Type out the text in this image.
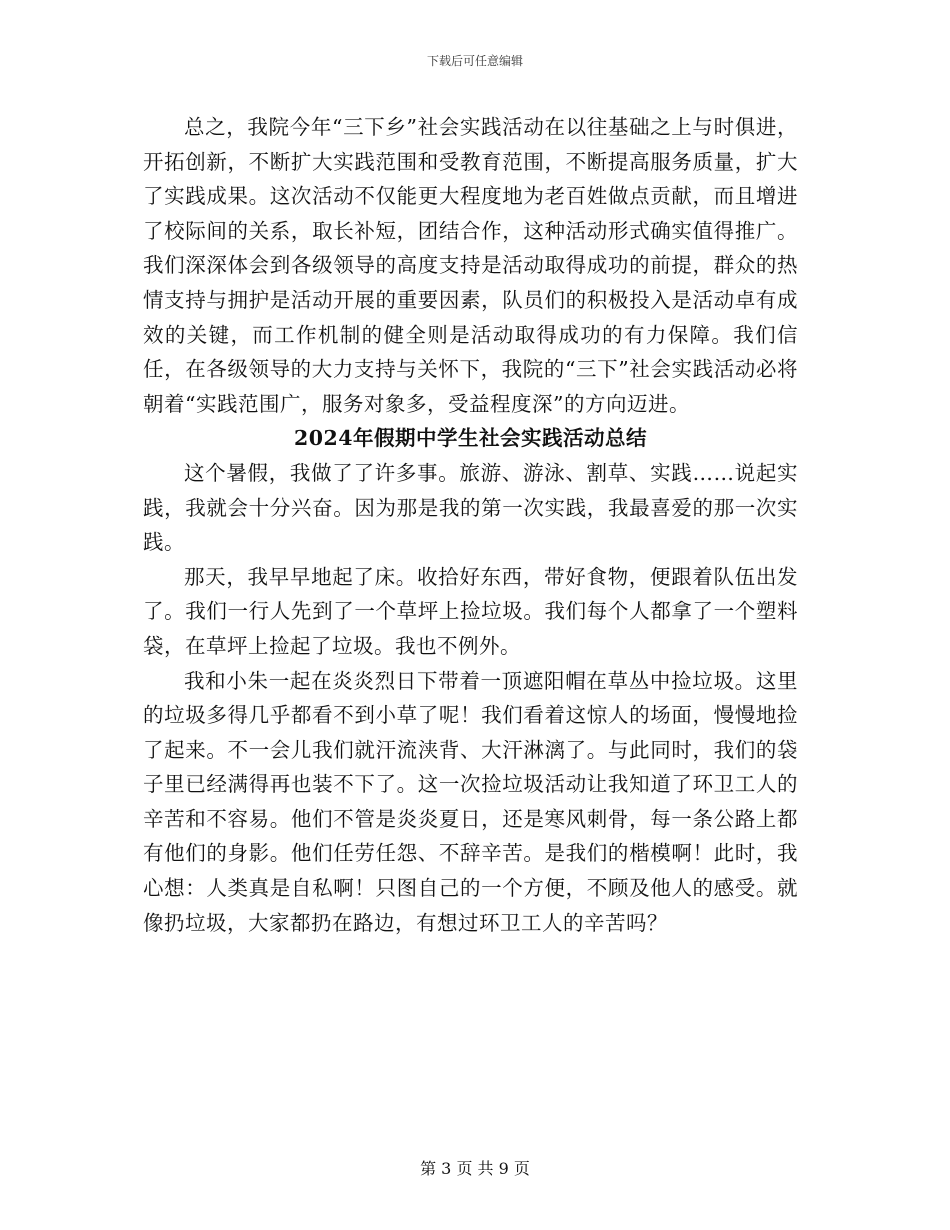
下载后可任意编辑

总之，我院今年“三下乡”社会实践活动在以往基础之上与时俱进，开拓创新，不断扩大实践范围和受教育范围，不断提高服务质量，扩大了实践成果。这次活动不仅能更大程度地为老百姓做点贡献，而且增进了校际间的关系，取长补短，团结合作，这种活动形式确实值得推广。我们深深体会到各级领导的高度支持是活动取得成功的前提，群众的热情支持与拥护是活动开展的重要因素，队员们的积极投入是活动卓有成效的关键，而工作机制的健全则是活动取得成功的有力保障。我们信任，在各级领导的大力支持与关怀下，我院的“三下”社会实践活动必将朝着“实践范围广，服务对象多，受益程度深”的方向迈进。

2024年假期中学生社会实践活动总结

这个暑假，我做了了许多事。旅游、游泳、割草、实践……说起实践，我就会十分兴奋。因为那是我的第一次实践，我最喜爱的那一次实践。

那天，我早早地起了床。收拾好东西，带好食物，便跟着队伍出发了。我们一行人先到了一个草坪上捡垃圾。我们每个人都拿了一个塑料袋，在草坪上捡起了垃圾。我也不例外。

我和小朱一起在炎炎烈日下带着一顶遮阳帽在草丛中捡垃圾。这里的垃圾多得几乎都看不到小草了呢！我们看着这惊人的场面，慢慢地捡了起来。不一会儿我们就汗流浃背、大汗淋漓了。与此同时，我们的袋子里已经满得再也装不下了。这一次捡垃圾活动让我知道了环卫工人的辛苦和不容易。他们不管是炎炎夏日，还是寒风刺骨，每一条公路上都有他们的身影。他们任劳任怨、不辞辛苦。是我们的楷模啊！此时，我心想：人类真是自私啊！只图自己的一个方便，不顾及他人的感受。就像扔垃圾，大家都扔在路边，有想过环卫工人的辛苦吗？

第 3 页 共 9 页
